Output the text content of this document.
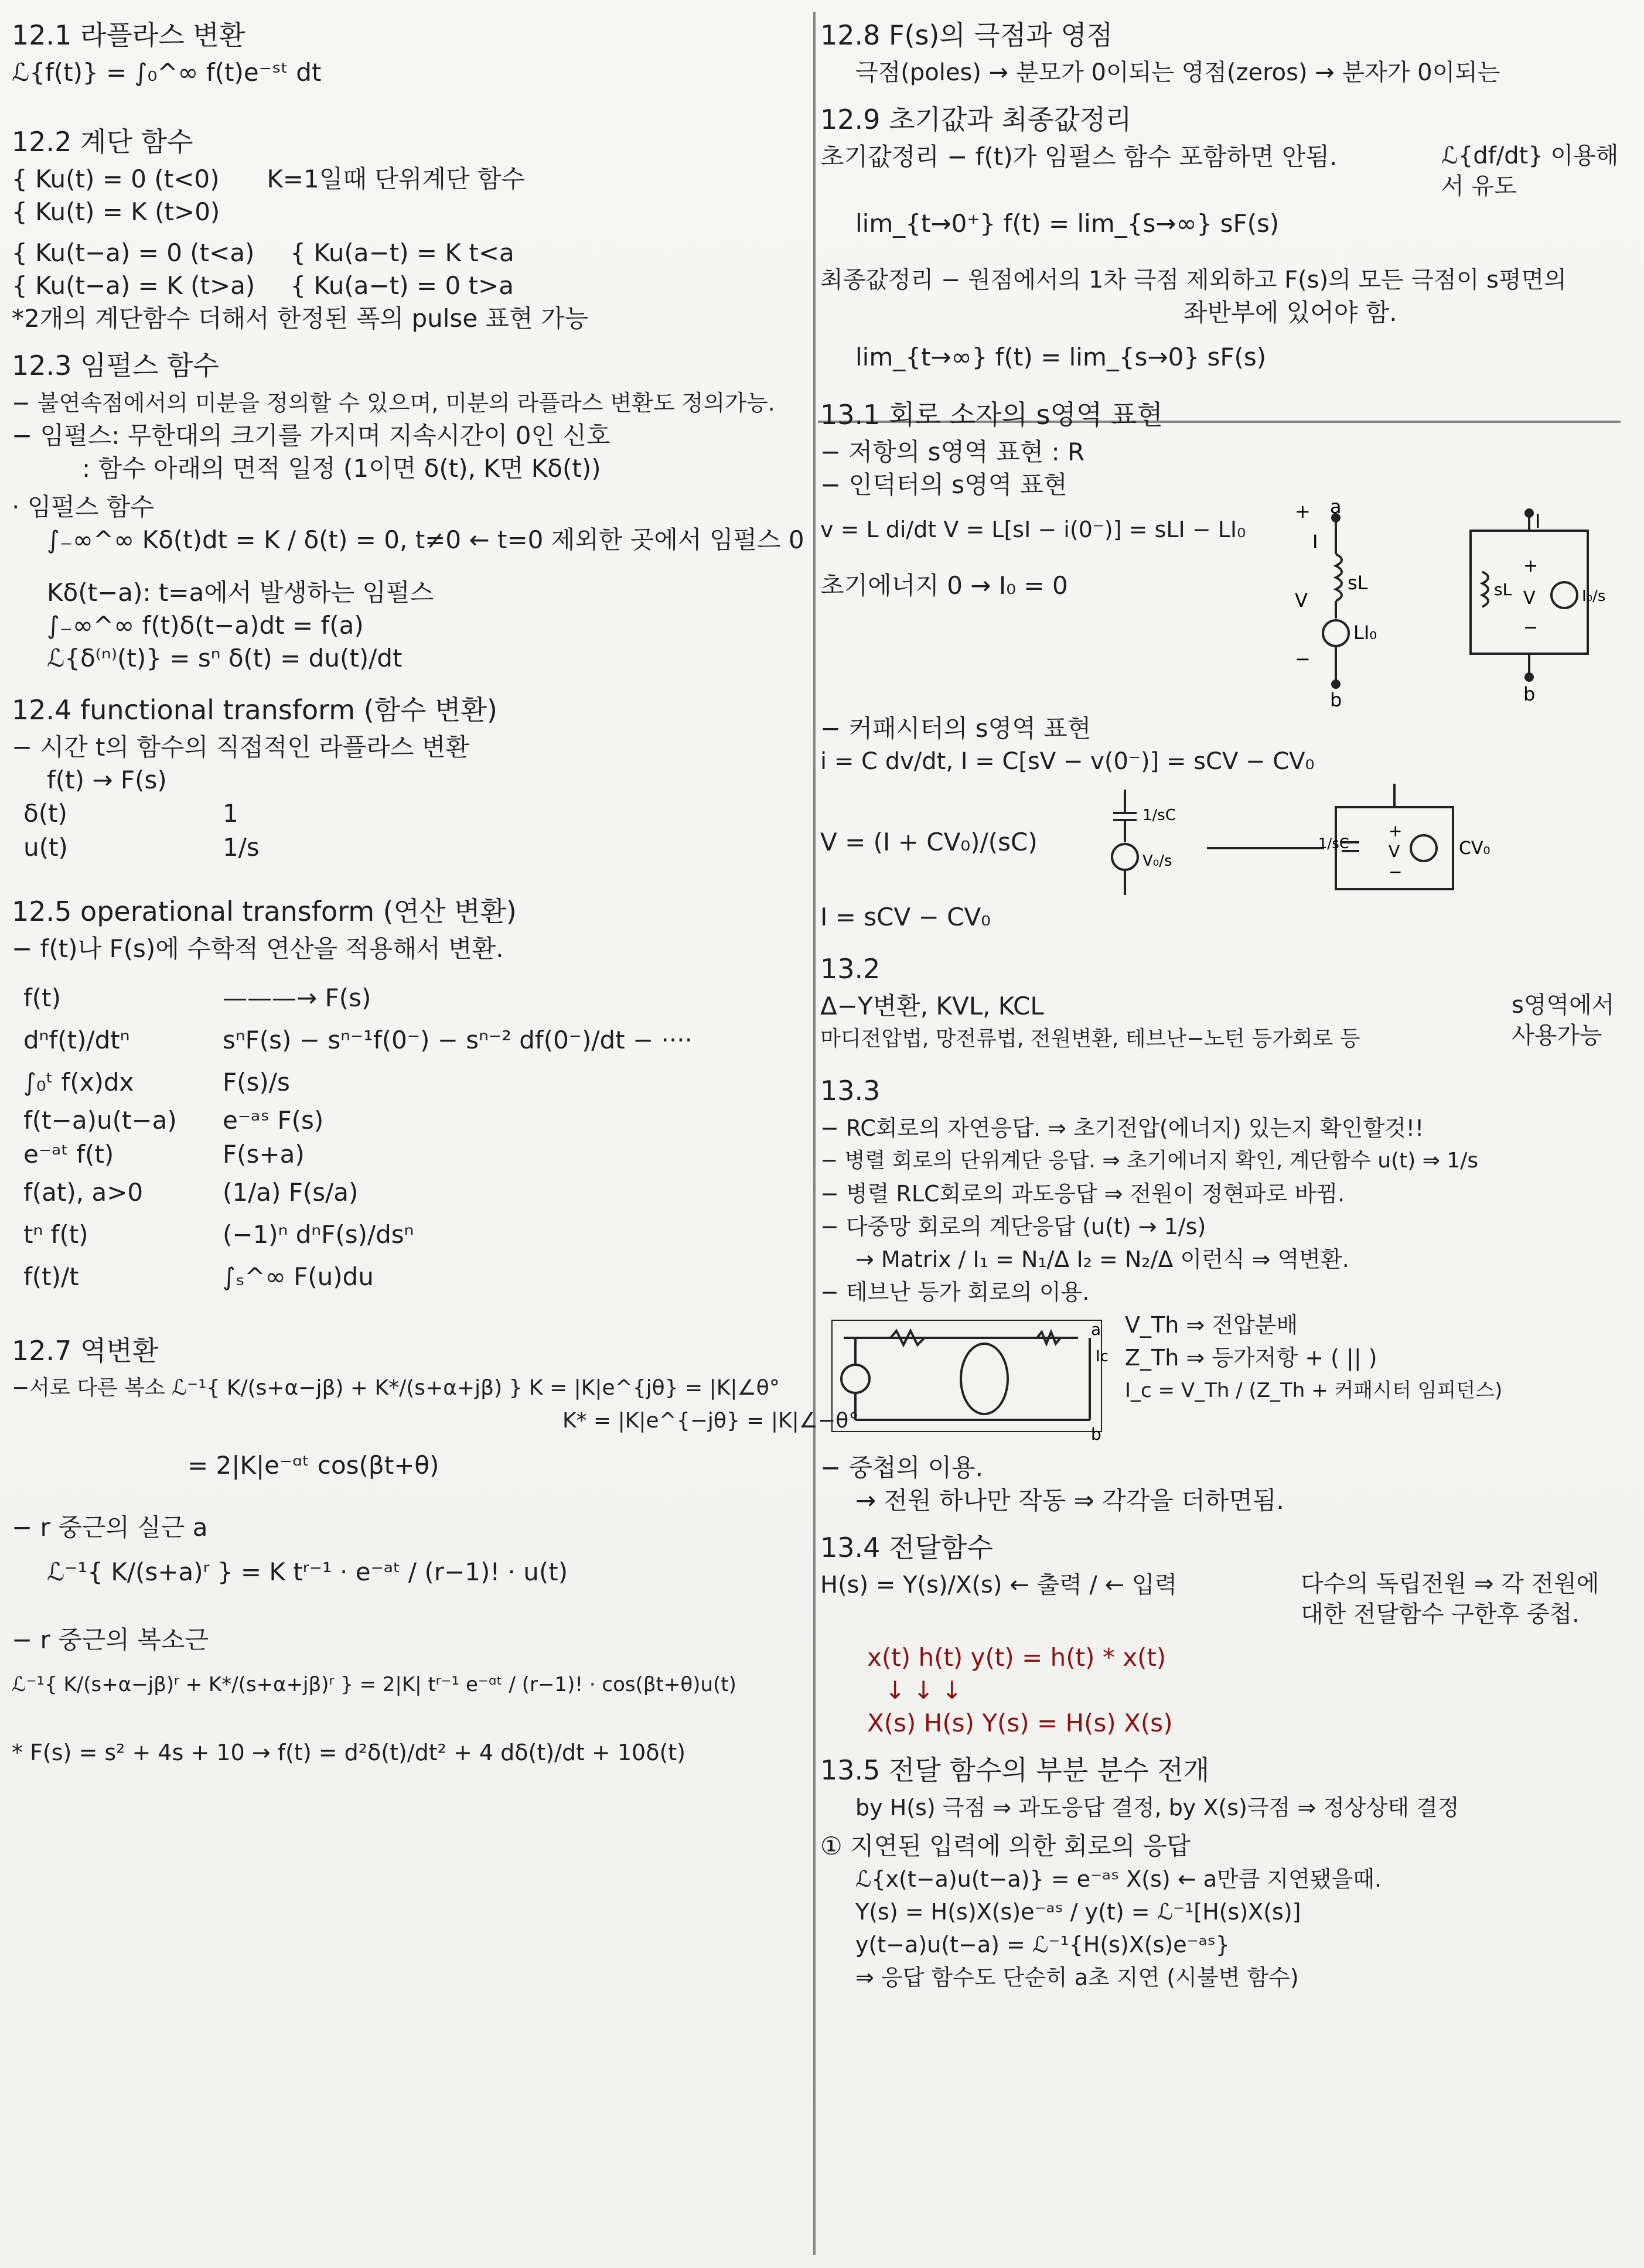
12.1 라플라스 변환

ℒ{f(t)} = ∫₀^∞ f(t)e⁻ˢᵗ dt

12.2 계단 함수

{ Ku(t) = 0 (t<0)

{ Ku(t) = K (t>0)

K=1일때 단위계단 함수

{ Ku(t−a) = 0 (t<a)

{ Ku(t−a) = K (t>a)

{ Ku(a−t) = K t<a

{ Ku(a−t) = 0 t>a

*2개의 계단함수 더해서 한정된 폭의 pulse 표현 가능

12.3 임펄스 함수

− 불연속점에서의 미분을 정의할 수 있으며, 미분의 라플라스 변환도 정의가능.

− 임펄스: 무한대의 크기를 가지며 지속시간이 0인 신호

: 함수 아래의 면적 일정 (1이면 δ(t), K면 Kδ(t))

· 임펄스 함수

∫₋∞^∞ Kδ(t)dt = K / δ(t) = 0, t≠0 ← t=0 제외한 곳에서 임펄스 0

Kδ(t−a): t=a에서 발생하는 임펄스

∫₋∞^∞ f(t)δ(t−a)dt = f(a)

ℒ{δ⁽ⁿ⁾(t)} = sⁿ δ(t) = du(t)/dt

12.4 functional transform (함수 변환)

− 시간 t의 함수의 직접적인 라플라스 변환

f(t) → F(s)

δ(t)	1
u(t)	1/s

12.5 operational transform (연산 변환)

− f(t)나 F(s)에 수학적 연산을 적용해서 변환.

f(t)	———→ F(s)
dⁿf(t)/dtⁿ	sⁿF(s) − sⁿ⁻¹f(0⁻) − sⁿ⁻² df(0⁻)/dt − ····
∫₀ᵗ f(x)dx	F(s)/s
f(t−a)u(t−a)	e⁻ᵃˢ F(s)
e⁻ᵃᵗ f(t)	F(s+a)
f(at), a>0	(1/a) F(s/a)
tⁿ f(t)	(−1)ⁿ dⁿF(s)/dsⁿ
f(t)/t	∫ₛ^∞ F(u)du

12.7 역변환

−서로 다른 복소 ℒ⁻¹{ K/(s+α−jβ) + K*/(s+α+jβ) } K = |K|e^{jθ} = |K|∠θ°

K* = |K|e^{−jθ} = |K|∠−θ°

= 2|K|e⁻ᵅᵗ cos(βt+θ)

− r 중근의 실근 a

ℒ⁻¹{ K/(s+a)ʳ } = K tʳ⁻¹ · e⁻ᵃᵗ / (r−1)! · u(t)

− r 중근의 복소근

ℒ⁻¹{ K/(s+α−jβ)ʳ + K*/(s+α+jβ)ʳ } = 2|K| tʳ⁻¹ e⁻ᵅᵗ / (r−1)! · cos(βt+θ)u(t)

* F(s) = s² + 4s + 10 → f(t) = d²δ(t)/dt² + 4 dδ(t)/dt + 10δ(t)

12.8 F(s)의 극점과 영점

극점(poles) → 분모가 0이되는 영점(zeros) → 분자가 0이되는

12.9 초기값과 최종값정리

초기값정리 − f(t)가 임펄스 함수 포함하면 안됨.	ℒ{df/dt} 이용해서 유도

lim_{t→0⁺} f(t) = lim_{s→∞} sF(s)

최종값정리 − 원점에서의 1차 극점 제외하고 F(s)의 모든 극점이 s평면의

좌반부에 있어야 함.

lim_{t→∞} f(t) = lim_{s→0} sF(s)

13.1 회로 소자의 s영역 표현

− 저항의 s영역 표현 : R

− 인덕터의 s영역 표현

v = L di/dt V = L[sI − i(0⁻)] = sLI − LI₀

초기에너지 0 → I₀ = 0

+ a
I
sL
LI₀
V
−
b
I
sL
+
V
−
I₀/s
b

− 커패시터의 s영역 표현

i = C dv/dt, I = C[sV − v(0⁻)] = sCV − CV₀

V = (I + CV₀)/(sC)

1/sC
V₀/s
1/sC
+
V
−
CV₀

I = sCV − CV₀

13.2

Δ−Y변환, KVL, KCL

마디전압법, 망전류법, 전원변환, 테브난−노턴 등가회로 등

s영역에서 사용가능

13.3

− RC회로의 자연응답. ⇒ 초기전압(에너지) 있는지 확인할것!!

− 병렬 회로의 단위계단 응답. ⇒ 초기에너지 확인, 계단함수 u(t) ⇒ 1/s

− 병렬 RLC회로의 과도응답 ⇒ 전원이 정현파로 바뀜.

− 다중망 회로의 계단응답 (u(t) → 1/s)

→ Matrix / I₁ = N₁/Δ I₂ = N₂/Δ 이런식 ⇒ 역변환.

− 테브난 등가 회로의 이용.

a
b
Ic

V_Th ⇒ 전압분배

Z_Th ⇒ 등가저항 + ( || )

I_c = V_Th / (Z_Th + 커패시터 임피던스)

− 중첩의 이용.

→ 전원 하나만 작동 ⇒ 각각을 더하면됨.

13.4 전달함수

H(s) = Y(s)/X(s) ← 출력 / ← 입력	다수의 독립전원 ⇒ 각 전원에 대한 전달함수 구한후 중첩.

x(t) h(t) y(t) = h(t) * x(t)

↓ ↓ ↓

X(s) H(s) Y(s) = H(s) X(s)

13.5 전달 함수의 부분 분수 전개

by H(s) 극점 ⇒ 과도응답 결정, by X(s)극점 ⇒ 정상상태 결정

① 지연된 입력에 의한 회로의 응답

ℒ{x(t−a)u(t−a)} = e⁻ᵃˢ X(s) ← a만큼 지연됐을때.

Y(s) = H(s)X(s)e⁻ᵃˢ / y(t) = ℒ⁻¹[H(s)X(s)]

y(t−a)u(t−a) = ℒ⁻¹{H(s)X(s)e⁻ᵃˢ}

⇒ 응답 함수도 단순히 a초 지연 (시불변 함수)
